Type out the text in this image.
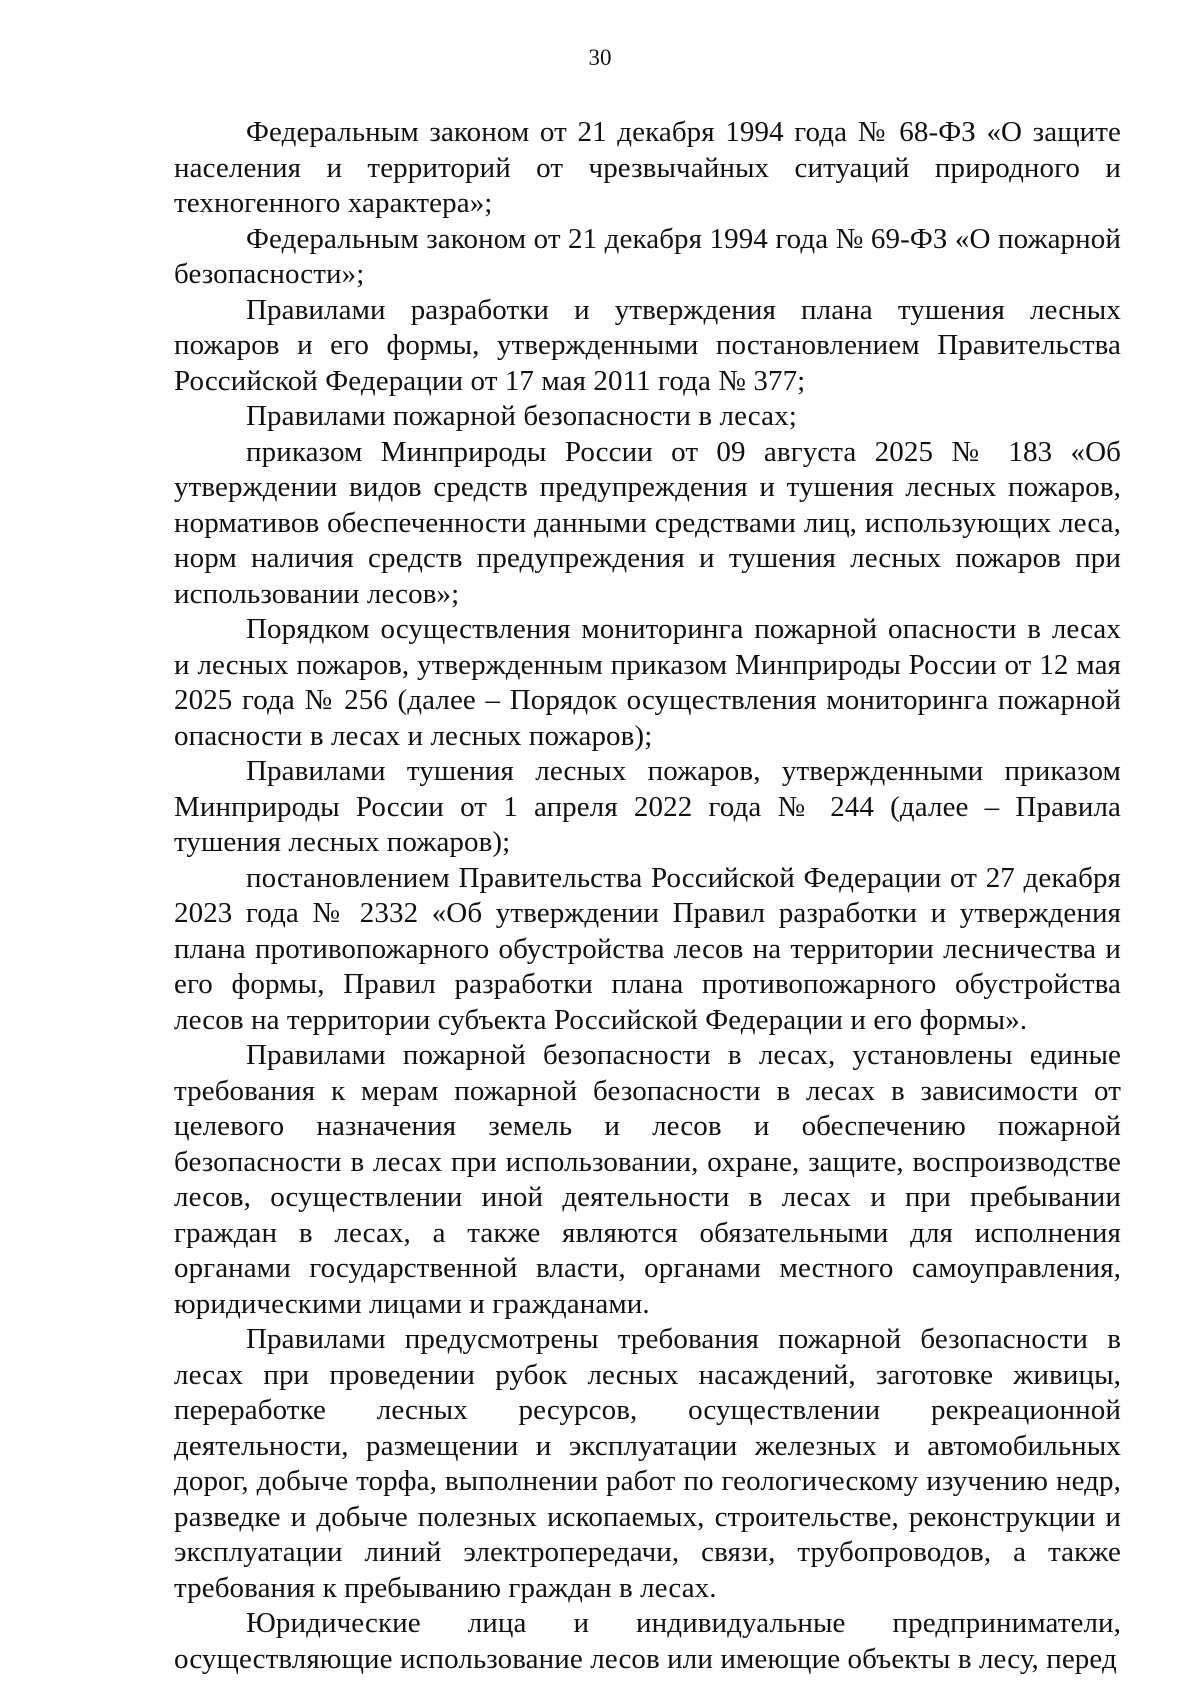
30

Федеральным законом от 21 декабря 1994 года № 68-ФЗ «О защите населения и территорий от чрезвычайных ситуаций природного и техногенного характера»;

Федеральным законом от 21 декабря 1994 года № 69-ФЗ «О пожарной безопасности»;

Правилами разработки и утверждения плана тушения лесных пожаров и его формы, утвержденными постановлением Правительства Российской Федерации от 17 мая 2011 года № 377;

Правилами пожарной безопасности в лесах;

приказом Минприроды России от 09 августа 2025 № 183 «Об утверждении видов средств предупреждения и тушения лесных пожаров, нормативов обеспеченности данными средствами лиц, использующих леса, норм наличия средств предупреждения и тушения лесных пожаров при использовании лесов»;

Порядком осуществления мониторинга пожарной опасности в лесах и лесных пожаров, утвержденным приказом Минприроды России от 12 мая 2025 года № 256 (далее – Порядок осуществления мониторинга пожарной опасности в лесах и лесных пожаров);

Правилами тушения лесных пожаров, утвержденными приказом Минприроды России от 1 апреля 2022 года № 244 (далее – Правила тушения лесных пожаров);

постановлением Правительства Российской Федерации от 27 декабря 2023 года № 2332 «Об утверждении Правил разработки и утверждения плана противопожарного обустройства лесов на территории лесничества и его формы, Правил разработки плана противопожарного обустройства лесов на территории субъекта Российской Федерации и его формы».

Правилами пожарной безопасности в лесах, установлены единые требования к мерам пожарной безопасности в лесах в зависимости от целевого назначения земель и лесов и обеспечению пожарной безопасности в лесах при использовании, охране, защите, воспроизводстве лесов, осуществлении иной деятельности в лесах и при пребывании граждан в лесах, а также являются обязательными для исполнения органами государственной власти, органами местного самоуправления, юридическими лицами и гражданами.

Правилами предусмотрены требования пожарной безопасности в лесах при проведении рубок лесных насаждений, заготовке живицы, переработке лесных ресурсов, осуществлении рекреационной деятельности, размещении и эксплуатации железных и автомобильных дорог, добыче торфа, выполнении работ по геологическому изучению недр, разведке и добыче полезных ископаемых, строительстве, реконструкции и эксплуатации линий электропередачи, связи, трубопроводов, а также требования к пребыванию граждан в лесах.

Юридические лица и индивидуальные предприниматели, осуществляющие использование лесов или имеющие объекты в лесу, перед
